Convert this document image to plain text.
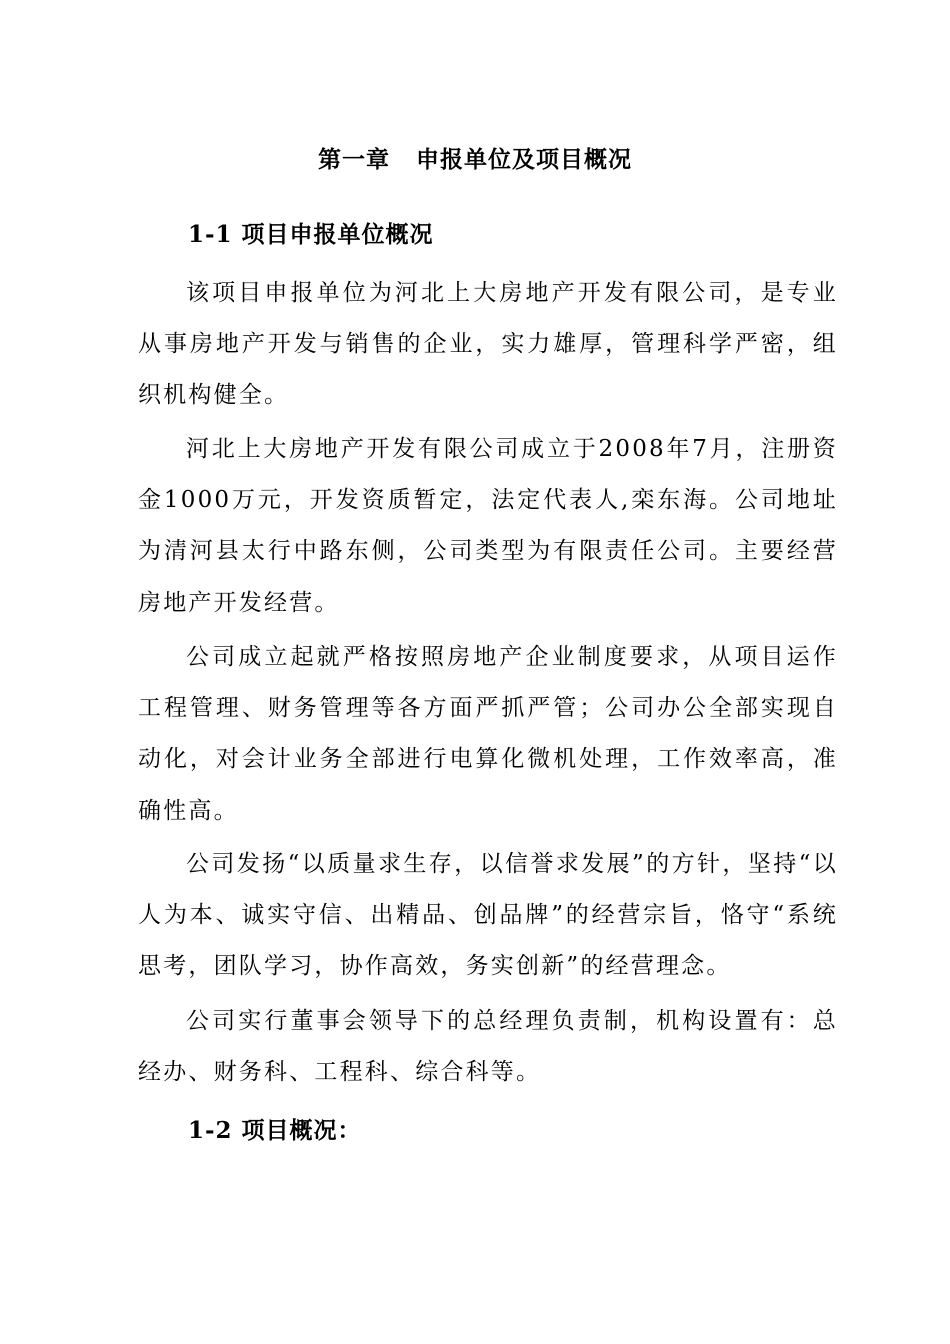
第一章 申报单位及项目概况
1-1 项目申报单位概况

该项目申报单位为河北上大房地产开发有限公司，是专业从事房地产开发与销售的企业，实力雄厚，管理科学严密，组织机构健全。

河北上大房地产开发有限公司成立于2008年7月，注册资金1000万元，开发资质暂定，法定代表人,栾东海。公司地址为清河县太行中路东侧，公司类型为有限责任公司。主要经营房地产开发经营。

公司成立起就严格按照房地产企业制度要求，从项目运作工程管理、财务管理等各方面严抓严管；公司办公全部实现自动化，对会计业务全部进行电算化微机处理，工作效率高，准确性高。

公司发扬“以质量求生存，以信誉求发展”的方针，坚持“以人为本、诚实守信、出精品、创品牌”的经营宗旨，恪守“系统思考，团队学习，协作高效，务实创新”的经营理念。

公司实行董事会领导下的总经理负责制，机构设置有：总经办、财务科、工程科、综合科等。

1-2 项目概况：
